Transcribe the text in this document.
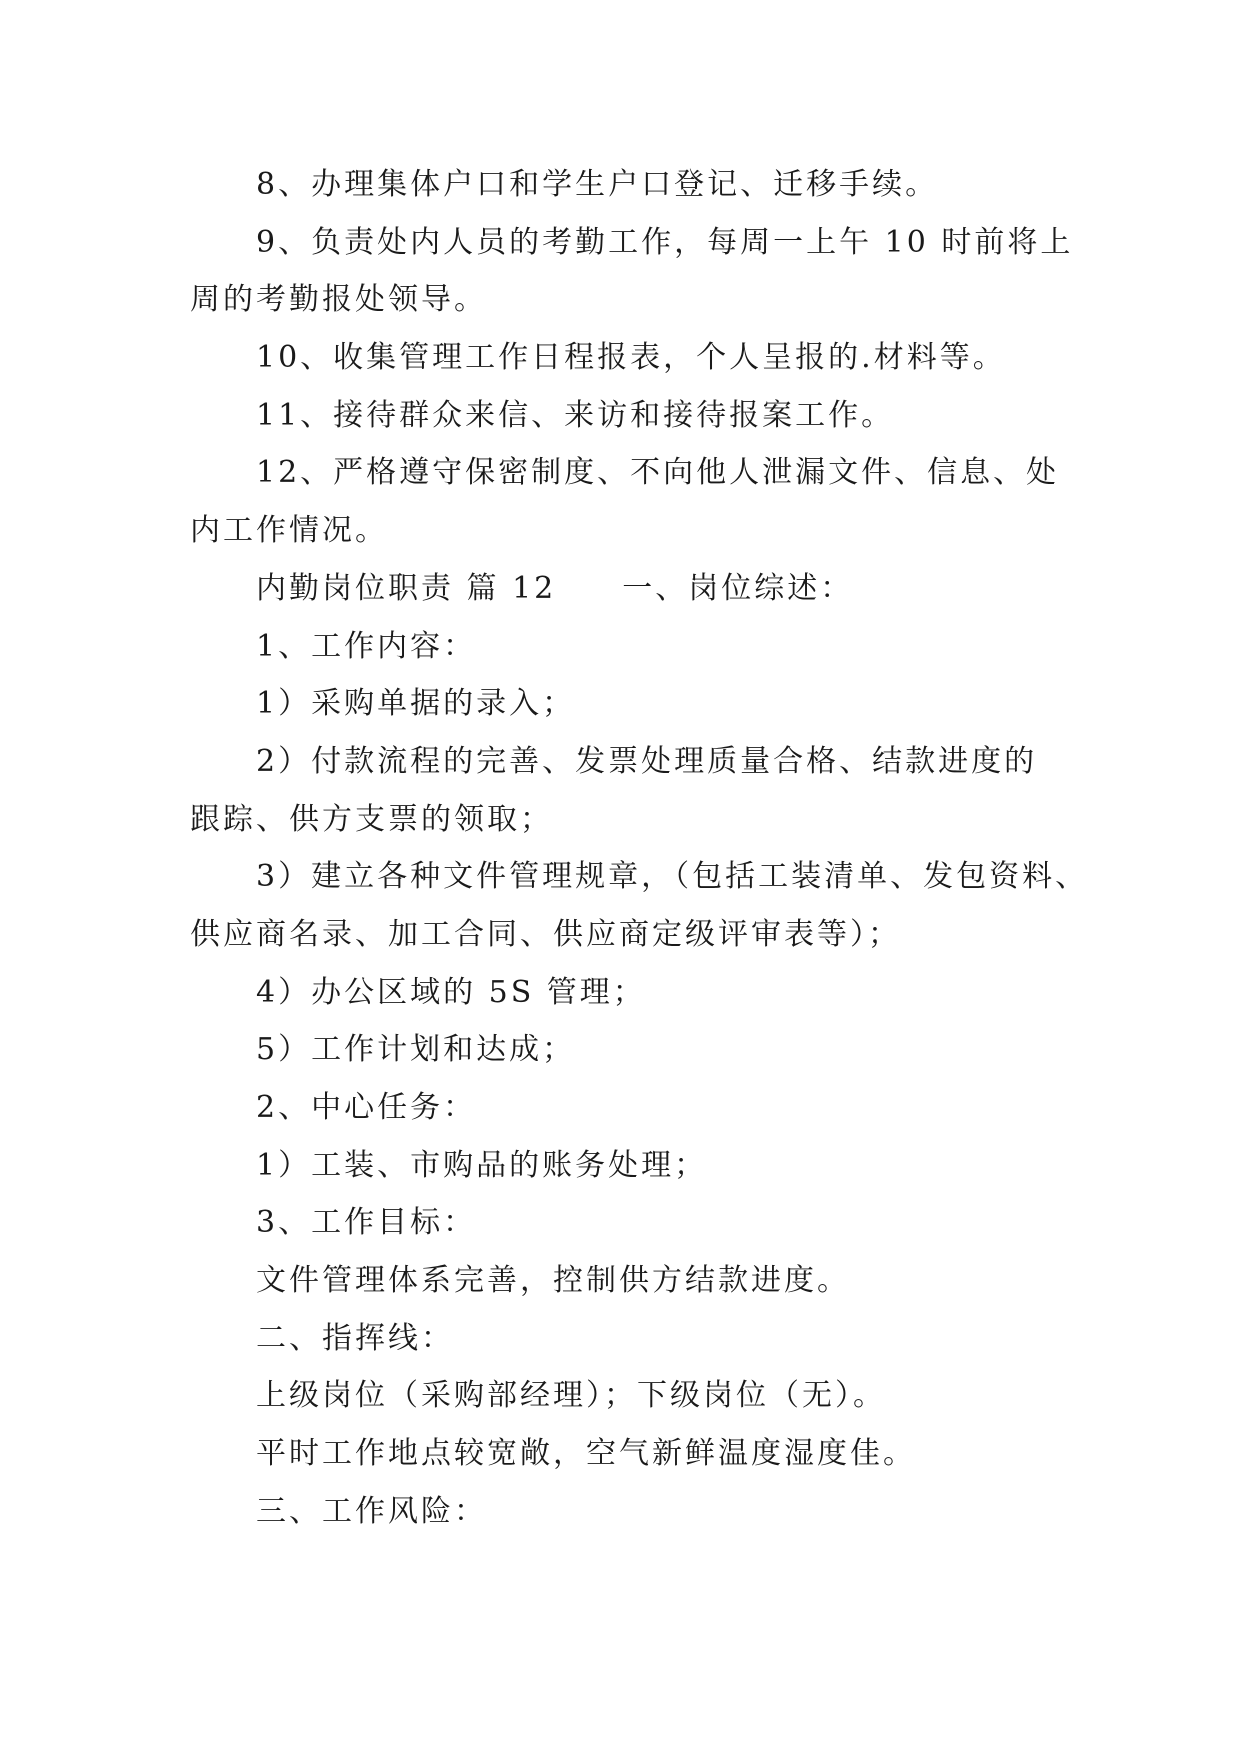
8、办理集体户口和学生户口登记、迁移手续。
9、负责处内人员的考勤工作，每周一上午 10 时前将上
周的考勤报处领导。
10、收集管理工作日程报表，个人呈报的.材料等。
11、接待群众来信、来访和接待报案工作。
12、严格遵守保密制度、不向他人泄漏文件、信息、处
内工作情况。
内勤岗位职责 篇 12 一、岗位综述：
1、工作内容：
1）采购单据的录入；
2）付款流程的完善、发票处理质量合格、结款进度的
跟踪、供方支票的领取；
3）建立各种文件管理规章，（包括工装清单、发包资料、
供应商名录、加工合同、供应商定级评审表等）；
4）办公区域的 5S 管理；
5）工作计划和达成；
2、中心任务：
1）工装、市购品的账务处理；
3、工作目标：
文件管理体系完善，控制供方结款进度。
二、指挥线：
上级岗位（采购部经理）；下级岗位（无）。
平时工作地点较宽敞，空气新鲜温度湿度佳。
三、工作风险：
